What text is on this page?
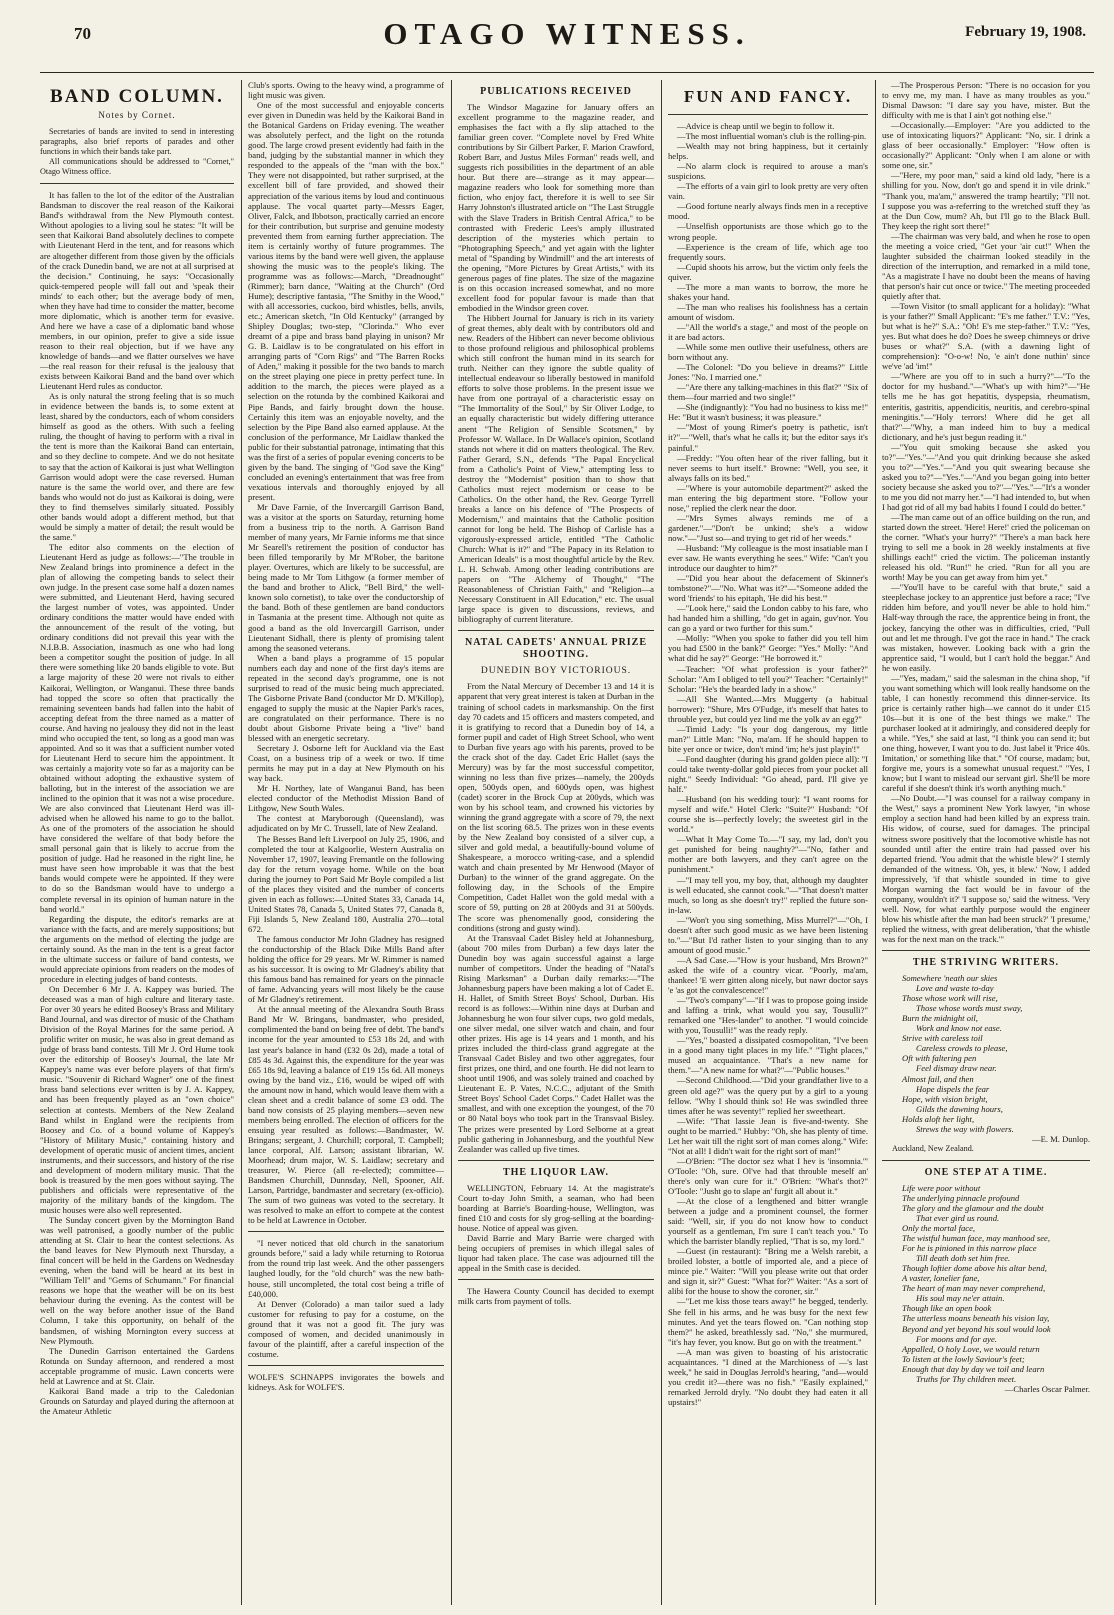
70	OTAGO WITNESS.	February 19, 1908.
BAND COLUMN.
Notes by Cornet.

Secretaries of bands are invited to send in interesting paragraphs, also brief reports of parades and other functions in which their bands take part.

All communications should be addressed to "Cornet," Otago Witness office.

It has fallen to the lot of the editor of the Australian Bandsman to discover the real reason of the Kaikorai Band's withdrawal from the New Plymouth contest. Without apologies to a living soul he states: "It will be seen that Kaikorai Band absolutely declines to compete with Lieutenant Herd in the tent, and for reasons which are altogether different from those given by the officials of the crack Dunedin band, we are not at all surprised at the decision." Continuing, he says: "Occasionally quick-tempered people will fall out and 'speak their minds' to each other; but the average body of men, when they have had time to consider the matter, become more diplomatic, which is another term for evasive. And here we have a case of a diplomatic band whose members, in our opinion, prefer to give a side issue reason to their real objection, but if we have any knowledge of bands—and we flatter ourselves we have—the real reason for their refusal is the jealousy that exists between Kaikorai Band and the band over which Lieutenant Herd rules as conductor.

As is only natural the strong feeling that is so much in evidence between the bands is, to some extent at least, shared by the conductors, each of whom considers himself as good as the others. With such a feeling ruling, the thought of having to perform with a rival in the tent is more than the Kaikorai Band can entertain, and so they decline to compete. And we do not hesitate to say that the action of Kaikorai is just what Wellington Garrison would adopt were the case reversed. Human nature is the same the world over, and there are few bands who would not do just as Kaikorai is doing, were they to find themselves similarly situated. Possibly other bands would adopt a different method, but that would be simply a matter of detail; the result would be the same."

The editor also comments on the election of Lieutenant Herd as judge as follows:—"The trouble in New Zealand brings into prominence a defect in the plan of allowing the competing bands to select their own judge. In the present case some half a dozen names were submitted, and Lieutenant Herd, having secured the largest number of votes, was appointed. Under ordinary conditions the matter would have ended with the announcement of the result of the voting, but ordinary conditions did not prevail this year with the N.I.B.B. Association, inasmuch as one who had long been a competitor sought the position of judge. In all there were something like 20 bands eligible to vote. But a large majority of these 20 were not rivals to either Kaikorai, Wellington, or Wanganui. These three bands had topped the score so often that practically the remaining seventeen bands had fallen into the habit of accepting defeat from the three named as a matter of course. And having no jealousy they did not in the least mind who occupied the tent, so long as a good man was appointed. And so it was that a sufficient number voted for Lieutenant Herd to secure him the appointment. It was certainly a majority vote so far as a majority can be obtained without adopting the exhaustive system of balloting, but in the interest of the association we are inclined to the opinion that it was not a wise procedure. We are also convinced that Lieutenant Herd was ill-advised when he allowed his name to go to the ballot. As one of the promoters of the association he should have considered the welfare of that body before the small personal gain that is likely to accrue from the position of judge. Had he reasoned in the right line, he must have seen how improbable it was that the best bands would compete were he appointed. If they were to do so the Bandsman would have to undergo a complete reversal in its opinion of human nature in the band world."

Regarding the dispute, the editor's remarks are at variance with the facts, and are merely suppositions; but the arguments on the method of electing the judge are certainly sound. As the man in the tent is a great factor in the ultimate success or failure of band contests, we would appreciate opinions from readers on the modes of procedure in electing judges of band contests.

On December 6 Mr J. A. Kappey was buried. The deceased was a man of high culture and literary taste. For over 30 years he edited Boosey's Brass and Military Band Journal, and was director of music of the Chatham Division of the Royal Marines for the same period. A prolific writer on music, he was also in great demand as judge of brass band contests. Till Mr J. Ord Hume took over the editorship of Boosey's Journal, the late Mr Kappey's name was ever before players of that firm's music. "Souvenir di Richard Wagner" one of the finest brass band selections ever written is by J. A. Kappey, and has been frequently played as an "own choice" selection at contests. Members of the New Zealand Band whilst in England were the recipients from Boosey and Co. of a bound volume of Kappey's "History of Military Music," containing history and development of operatic music of ancient times, ancient instruments, and their successors, and history of the rise and development of modern military music. That the book is treasured by the men goes without saying. The publishers and officials were representative of the majority of the military bands of the kingdom. The music houses were also well represented.

The Sunday concert given by the Mornington Band was well patronised, a goodly number of the public attending at St. Clair to hear the contest selections. As the band leaves for New Plymouth next Thursday, a final concert will be held in the Gardens on Wednesday evening, when the band will be heard at its best in "William Tell" and "Gems of Schumann." For financial reasons we hope that the weather will be on its best behaviour during the evening. As the contest will be well on the way before another issue of the Band Column, I take this opportunity, on behalf of the bandsmen, of wishing Mornington every success at New Plymouth.

The Dunedin Garrison entertained the Gardens Rotunda on Sunday afternoon, and rendered a most acceptable programme of music. Lawn concerts were held at Lawrence and at St. Clair.

Kaikorai Band made a trip to the Caledonian Grounds on Saturday and played during the afternoon at the Amateur Athletic

Club's sports. Owing to the heavy wind, a programme of light music was given.

One of the most successful and enjoyable concerts ever given in Dunedin was held by the Kaikorai Band in the Botanical Gardens on Friday evening. The weather was absolutely perfect, and the light on the rotunda good. The large crowd present evidently had faith in the band, judging by the substantial manner in which they responded to the appeals of the "man with the box." They were not disappointed, but rather surprised, at the excellent bill of fare provided, and showed their appreciation of the various items by loud and continuous applause. The vocal quartet party—Messrs Eager, Oliver, Falck, and Ibbotson, practically carried an encore for their contribution, but surprise and genuine modesty prevented them from earning further appreciation. The item is certainly worthy of future programmes. The various items by the band were well given, the applause showing the music was to the people's liking. The programme was as follows:—March, "Dreadnought" (Rimmer); barn dance, "Waiting at the Church" (Ord Hume); descriptive fantasia, "The Smithy in the Wood," with all accessories, cuckoo, bird whistles, bells, anvils, etc.; American sketch, "In Old Kentucky" (arranged by Shipley Douglas; two-step, "Clorinda." Who ever dreamt of a pipe and brass band playing in unison? Mr G. B. Laidlaw is to be congratulated on his effort in arranging parts of "Corn Rigs" and "The Barren Rocks of Aden," making it possible for the two bands to march on the street playing one piece in pretty perfect tune. In addition to the march, the pieces were played as a selection on the rotunda by the combined Kaikorai and Pipe Bands, and fairly brought down the house. Certainly this item was an enjoyable novelty, and the selection by the Pipe Band also earned applause. At the conclusion of the performance, Mr Laidlaw thanked the public for their substantial patronage, intimating that this was the first of a series of popular evening concerts to be given by the band. The singing of "God save the King" concluded an evening's entertainment that was free from vexatious intervals and thoroughly enjoyed by all present.

Mr Dave Farnie, of the Invercargill Garrison Band, was a visitor at the sports on Saturday, returning home from a business trip to the north. A Garrison Band member of many years, Mr Farnie informs me that since Mr Searell's retirement the position of conductor has been filled temporarily by Mr M'Rober, the baritone player. Overtures, which are likely to be successful, are being made to Mr Tom Lithgow (a former member of the band and brother to Alick, "Bell Bird," the well-known solo cornetist), to take over the conductorship of the band. Both of these gentlemen are band conductors in Tasmania at the present time. Although not quite as good a band as the old Invercargill Garrison, under Lieutenant Sidhall, there is plenty of promising talent among the seasoned veterans.

When a band plays a programme of 15 popular numbers each day and none of the first day's items are repeated in the second day's programme, one is not surprised to read of the music being much appreciated. The Gisborne Private Band (conductor Mr D. M'Killop), engaged to supply the music at the Napier Park's races, are congratulated on their performance. There is no doubt about Gisborne Private being a "live" band blessed with an energetic secretary.

Secretary J. Osborne left for Auckland via the East Coast, on a business trip of a week or two. If time permits he may put in a day at New Plymouth on his way back.

Mr H. Northey, late of Wanganui Band, has been elected conductor of the Methodist Mission Band of Lithgow, New South Wales.

The contest at Maryborough (Queensland), was adjudicated on by Mr C. Trussell, late of New Zealand.

The Besses Band left Liverpool on July 25, 1906, and completed the tour at Kalgoorlie, Western Australia on November 17, 1907, leaving Fremantle on the following day for the return voyage home. While on the boat during the journey to Port Said Mr Boyle compiled a list of the places they visited and the number of concerts given in each as follows:—United States 33, Canada 14, United States 78, Canada 5, United States 77, Canada 8, Fiji Islands 5, New Zealand 180, Australia 270—total 672.

The famous conductor Mr John Gladney has resigned the conductorship of the Black Dike Mills Band after holding the office for 29 years. Mr W. Rimmer is named as his successor. It is owing to Mr Gladney's ability that this famous band has remained for years on the pinnacle of fame. Advancing years will most likely be the cause of Mr Gladney's retirement.

At the annual meeting of the Alexandra South Brass Band Mr W. Bringans, bandmaster, who presided, complimented the band on being free of debt. The band's income for the year amounted to £53 18s 2d, and with last year's balance in hand (£32 0s 2d), made a total of £85 4s 3d. Against this, the expenditure for the year was £65 18s 9d, leaving a balance of £19 15s 6d. All moneys owing by the band viz., £16, would be wiped off with the amount now in hand, which would leave them with a clean sheet and a credit balance of some £3 odd. The band now consists of 25 playing members—seven new members being enrolled. The election of officers for the ensuing year resulted as follows:—Bandmaster, W. Bringans; sergeant, J. Churchill; corporal, T. Campbell; lance corporal, Alf. Larson; assistant librarian, W. Moorhead; drum major, W. S. Laidlaw; secretary and treasurer, W. Pierce (all re-elected); committee—Bandsmen Churchill, Dunnsday, Nell, Spooner, Alf. Larson, Partridge, bandmaster and secretary (ex-officio). The sum of two guineas was voted to the secretary. It was resolved to make an effort to compete at the contest to be held at Lawrence in October.

"I never noticed that old church in the sanatorium grounds before," said a lady while returning to Rotorua from the round trip last week. And the other passengers laughed loudly, for the "old church" was the new bath-house, still uncompleted, the total cost being a trifle of £40,000.

At Denver (Colorado) a man tailor sued a lady customer for refusing to pay for a costume, on the ground that it was not a good fit. The jury was composed of women, and decided unanimously in favour of the plaintiff, after a careful inspection of the costume.

WOLFE'S SCHNAPPS invigorates the bowels and kidneys. Ask for WOLFE'S.

PUBLICATIONS RECEIVED

The Windsor Magazine for January offers an excellent programme to the magazine reader, and emphasises the fact with a fly slip attached to the familiar green cover. "Complete novel by Fred White contributions by Sir Gilbert Parker, F. Marion Crawford, Robert Barr, and Justus Miles Forman" reads well, and suggests rich possibilities in the department of an able hour. But there are—strange as it may appear—magazine readers who look for something more than fiction, who enjoy fact, therefore it is well to see Sir Harry Johnston's illustrated article on "The Last Struggle with the Slave Traders in British Central Africa," to be contrasted with Frederic Lees's amply illustrated description of the mysteries which pertain to "Photographing Speech," and yet again with the lighter metal of "Spanding by Windmill" and the art interests of the opening, "More Pictures by Great Artists," with its generous pages of fine plates. The size of the magazine is on this occasion increased somewhat, and no more excellent food for popular favour is made than that embodied in the Windsor green cover.

The Hibbert Journal for January is rich in its variety of great themes, ably dealt with by contributors old and new. Readers of the Hibbert can never become oblivious to those profound religious and philosophical problems which still confront the human mind in its search for truth. Neither can they ignore the subtle quality of intellectual endeavour so liberally bestowed in manifold efforts to solve those problems. In the present issue we have from one portrayal of a characteristic essay on "The Immortality of the Soul," by Sir Oliver Lodge, to an equally characteristic but widely differing utterance anent "The Religion of Sensible Scotsmen," by Professor W. Wallace. In Dr Wallace's opinion, Scotland stands not where it did on matters theological. The Rev. Father Gerard, S.N., defends "The Papal Encyclical from a Catholic's Point of View," attempting less to destroy the "Modernist" position than to show that Catholics must reject modernism or cease to be Catholics. On the other hand, the Rev. George Tyrrell breaks a lance on his defence of "The Prospects of Modernism," and maintains that the Catholic position cannot for long be held. The Bishop of Carlisle has a vigorously-expressed article, entitled "The Catholic Church: What is it?" and "The Papacy in its Relation to American Ideals" is a most thoughtful article by the Rev. L. H. Schwab. Among other leading contributions are papers on "The Alchemy of Thought," "The Reasonableness of Christian Faith," and "Religion—a Necessary Constituent in All Education," etc. The usual large space is given to discussions, reviews, and bibliography of current literature.

NATAL CADETS' ANNUAL PRIZE SHOOTING.
DUNEDIN BOY VICTORIOUS.

From the Natal Mercury of December 13 and 14 it is apparent that very great interest is taken at Durban in the training of school cadets in marksmanship. On the first day 70 cadets and 15 officers and masters competed, and it is gratifying to record that a Dunedin boy of 14, a former pupil and cadet of High Street School, who went to Durban five years ago with his parents, proved to be the crack shot of the day. Cadet Eric Hallet (says the Mercury) was by far the most successful competitor, winning no less than five prizes—namely, the 200yds open, 500yds open, and 600yds open, was highest (cadet) scorer in the Brock Cup at 200yds, which was won by his school team, and crowned his victories by winning the grand aggregate with a score of 79, the next on the list scoring 68.5. The prizes won in these events by the New Zealand boy consisted of a silver cup, a silver and gold medal, a beautifully-bound volume of Shakespeare, a morocco writing-case, and a splendid watch and chain presented by Mr Henwood (Mayor of Durban) to the winner of the grand aggregate. On the following day, in the Schools of the Empire Competition, Cadet Hallet won the gold medal with a score of 59, putting on 28 at 200yds and 31 at 500yds. The score was phenomenally good, considering the conditions (strong and gusty wind).

At the Transvaal Cadet Bisley held at Johannesburg, (about 700 miles from Durban) a few days later the Dunedin boy was again successful against a large number of competitors. Under the heading of "Natal's Rising Marksman" a Durban daily remarks:—"The Johannesburg papers have been making a lot of Cadet E. H. Hallet, of Smith Street Boys' School, Durban. His record is as follows:—Within nine days at Durban and Johannesburg he won four silver cups, two gold medals, one silver medal, one silver watch and chain, and four other prizes. His age is 14 years and 1 month, and his prizes included the third-class grand aggregate at the Transvaal Cadet Bisley and two other aggregates, four first prizes, one third, and one fourth. He did not learn to shoot until 1906, and was solely trained and coached by Lieutenant E. P. Vates, N.C.C., adjutant of the Smith Street Boys' School Cadet Corps." Cadet Hallet was the smallest, and with one exception the youngest, of the 70 or 80 Natal boys who took part in the Transvaal Bisley. The prizes were presented by Lord Selborne at a great public gathering in Johannesburg, and the youthful New Zealander was called up five times.

THE LIQUOR LAW.

WELLINGTON, February 14. At the magistrate's Court to-day John Smith, a seaman, who had been boarding at Barrie's Boarding-house, Wellington, was fined £10 and costs for sly grog-selling at the boarding-house. Notice of appeal was given.

David Barrie and Mary Barrie were charged with being occupiers of premises in which illegal sales of liquor had taken place. The case was adjourned till the appeal in the Smith case is decided.

The Hawera County Council has decided to exempt milk carts from payment of tolls.

FUN AND FANCY.

—Advice is cheap until we begin to follow it.

—The most influential woman's club is the rolling-pin.

—Wealth may not bring happiness, but it certainly helps.

—No alarm clock is required to arouse a man's suspicions.

—The efforts of a vain girl to look pretty are very often vain.

—Good fortune nearly always finds men in a receptive mood.

—Unselfish opportunists are those which go to the wrong people.

—Experience is the cream of life, which age too frequently sours.

—Cupid shoots his arrow, but the victim only feels the quiver.

—The more a man wants to borrow, the more he shakes your hand.

—The man who realises his foolishness has a certain amount of wisdom.

—"All the world's a stage," and most of the people on it are bad actors.

—While some men outlive their usefulness, others are born without any.

—The Colonel: "Do you believe in dreams?" Little Jones: "No. I married one."

—"Are there any talking-machines in this flat?" "Six of them—four married and two single!"

—She (indignantly): "You had no business to kiss me!" He: "But it wasn't business; it was pleasure."

—"Most of young Rimer's poetry is pathetic, isn't it?"—"Well, that's what he calls it; but the editor says it's painful."

—Freddy: "You often hear of the river falling, but it never seems to hurt itself." Browne: "Well, you see, it always falls on its bed."

—"Where is your automobile department?" asked the man entering the big department store. "Follow your nose," replied the clerk near the door.

—"Mrs Symes always reminds me of a gardener."—"Don't be unkind; she's a widow now."—"Just so—and trying to get rid of her weeds."

—Husband: "My colleague is the most insatiable man I ever saw. He wants everything he sees." Wife: "Can't you introduce our daughter to him?"

—"Did you hear about the defacement of Skinner's tombstone?"—"No. What was it?"—"Someone added the word 'friends' to his epitaph, 'He did his best.'"

—"Look here," said the London cabby to his fare, who had handed him a shilling, "do get in again, guv'nor. You can go a yard or two further for this sum."

—Molly: "When you spoke to father did you tell him you had £500 in the bank?" George: "Yes." Molly: "And what did he say?" George: "He borrowed it."

—Teacher: "Of what profession is your father?" Scholar: "Am I obliged to tell you?" Teacher: "Certainly!" Scholar: "He's the bearded lady in a show."

—All She Wanted.—Mrs Muggerty (a habitual borrower): "Shure, Mrs O'Fudge, it's meself that hates to throuble yez, but could yez lind me the yolk av an egg?"

—Timid Lady: "Is your dog dangerous, my little man?" Little Man: "No, ma'am. If he should happen to bite yer once or twice, don't mind 'im; he's just playin'!"

—Fond daughter (during his grand golden piece all): "I could take twenty-dollar gold pieces from your pocket all night." Seedy Individual: "Go ahead, pard. I'll give ye half."

—Husband (on his wedding tour): "I want rooms for myself and wife." Hotel Clerk: "Suite?" Husband: "Of course she is—perfectly lovely; the sweetest girl in the world."

—What It May Come To.—"I say, my lad, don't you get punished for being naughty?"—"No, father and mother are both lawyers, and they can't agree on the punishment."

—"I may tell you, my boy, that, although my daughter is well educated, she cannot cook."—"That doesn't matter much, so long as she doesn't try!" replied the future son-in-law.

—"Won't you sing something, Miss Murrel?"—"Oh, I doesn't after such good music as we have been listening to."—"But I'd rather listen to your singing than to any amount of good music."

—A Sad Case.—"How is your husband, Mrs Brown?" asked the wife of a country vicar. "Poorly, ma'am, thankee! 'E werr gitten along nicely, but nawr doctor says 'e 'as got the convalescence!"

—"Two's company"—"If I was to propose going inside and laffing a trink, what would you say, Tousulli?" remarked one "Hes-lander" to another. "I would coincide with you, Tousulli!" was the ready reply.

—"Yes," boasted a dissipated cosmopolitan, "I've been in a good many tight places in my life." "Tight places," mused an acquaintance. "That's a new name for them."—"A new name for what?"—"Public houses."

—Second Childhood.—"Did your grandfather live to a green old age?" was the query put by a girl to a young fellow. "Why I should think so! He was swindled three times after he was seventy!" replied her sweetheart.

—Wife: "That lassie Jean is five-and-twenty. She ought to be married." Hubby: "Oh, she has plenty of time. Let her wait till the right sort of man comes along." Wife: "Not at all! I didn't wait for the right sort of man!"

—O'Brien: "The doctor sez what I hev is 'insomnia.'" O'Toole: "Oh, sure. Ol've had that throuble meself an' there's only wan cure for it." O'Brien: "What's thot?" O'Toole: "Jusht go to slape an' furgit all about it."

—At the close of a lengthened and bitter wrangle between a judge and a prominent counsel, the former said: "Well, sir, if you do not know how to conduct yourself as a gentleman, I'm sure I can't teach you." To which the barrister blandly replied, "That is so, my lord."

—Guest (in restaurant): "Bring me a Welsh rarebit, a broiled lobster, a bottle of imported ale, and a piece of mince pie." Waiter: "Will you please write out that order and sign it, sir?" Guest: "What for?" Waiter: "As a sort of alibi for the house to show the coroner, sir."

—"Let me kiss those tears away!" he begged, tenderly. She fell in his arms, and he was busy for the next few minutes. And yet the tears flowed on. "Can nothing stop them?" he asked, breathlessly sad. "No," she murmured, "it's hay fever, you know. But go on with the treatment."

—A man was given to boasting of his aristocratic acquaintances. "I dined at the Marchioness of —'s last week," he said in Douglas Jerrold's hearing, "and—would you credit it?—there was no fish." "Easily explained," remarked Jerrold dryly. "No doubt they had eaten it all upstairs!"

—The Prosperous Person: "There is no occasion for you to envy me, my man. I have as many troubles as you." Dismal Dawson: "I dare say you have, mister. But the difficulty with me is that I ain't got nothing else."

—Occasionally.—Employer: "Are you addicted to the use of intoxicating liquors?" Applicant: "No, sir. I drink a glass of beer occasionally." Employer: "How often is occasionally?" Applicant: "Only when I am alone or with some one, sir."

—"Here, my poor man," said a kind old lady, "here is a shilling for you. Now, don't go and spend it in vile drink." "Thank you, ma'am," answered the tramp heartily; "I'll not. I suppose you was a-referring to the wretched stuff they 'as at the Dun Cow, mum? Ah, but I'll go to the Black Bull. They keep the right sort there!"

—The chairman was very bald, and when he rose to open the meeting a voice cried, "Get your 'air cut!" When the laughter subsided the chairman looked steadily in the direction of the interruption, and remarked in a mild tone, "As a magistrate I have no doubt been the means of having that person's hair cut once or twice." The meeting proceeded quietly after that.

—Town Visitor (to small applicant for a holiday): "What is your father?" Small Applicant: "E's me father." T.V.: "Yes, but what is he?" S.A.: "Oh! E's me step-father." T.V.: "Yes, yes. But what does he do? Does he sweep chimneys or drive buses or what?" S.A. (with a dawning light of comprehension): "O-o-w! No, 'e ain't done nuthin' since we've 'ad 'im!"

—"Where are you off to in such a hurry?"—"To the doctor for my husband."—"What's up with him?"—"He tells me he has got hepatitis, dyspepsia, rheumatism, enteritis, gastritis, appendicitis, neuritis, and cerebro-spinal meningitis."—"Holy terrors! Where did he get all that?"—"Why, a man indeed him to buy a medical dictionary, and he's just begun reading it."

—"You quit smoking because she asked you to?"—"Yes."—"And you quit drinking because she asked you to?"—"Yes."—"And you quit swearing because she asked you to?"—"Yes."—"And you began going into better society because she asked you to?"—"Yes."—"It's a wonder to me you did not marry her."—"I had intended to, but when I had got rid of all my bad habits I found I could do better."

—The man came out of an office building on the run, and started down the street. 'Here! Here!' cried the policeman on the corner. "What's your hurry?" "There's a man back here trying to sell me a book in 28 weekly instalments at five shillings each!" cried the victim. The policeman instantly released his old. "Run!" he cried. "Run for all you are worth! May be you can get away from him yet."

—"You'll have to be careful with that brute," said a steeplechase jockey to an apprentice just before a race; "I've ridden him before, and you'll never be able to hold him." Half-way through the race, the apprentice being in front, the jockey, fancying the other was in difficulties, cried, "Pull out and let me through. I've got the race in hand." The crack was mistaken, however. Looking back with a grin the apprentice said, "I would, but I can't hold the beggar." And he won easily.

—"Yes, madam," said the salesman in the china shop, "if you want something which will look really handsome on the table, I can honestly recommend this dinner-service. Its price is certainly rather high—we cannot do it under £15 10s—but it is one of the best things we make." The purchaser looked at it admiringly, and considered deeply for a while. "Yes," she said at last, "I think you can send it; but one thing, however, I want you to do. Just label it 'Price 40s. Imitation,' or something like that." "Of course, madam; but, forgive me, yours is a somewhat unusual request." "Yes, I know; but I want to mislead our servant girl. She'll be more careful if she doesn't think it's worth anything much."

—No Doubt.—"I was counsel for a railway company in the West," says a prominent New York lawyer, "in whose employ a section hand had been killed by an express train. His widow, of course, sued for damages. The principal witness swore positively that the locomotive whistle has not sounded until after the entire train had passed over his departed friend. 'You admit that the whistle blew?' I sternly demanded of the witness. 'Oh, yes, it blew.' 'Now, I added impressively, 'if that whistle sounded in time to give Morgan warning the fact would be in favour of the company, wouldn't it?' 'I suppose so,' said the witness. 'Very well. Now, for what earthly purpose would the engineer blow his whistle after the man had been struck?' 'I presume,' replied the witness, with great deliberation, 'that the whistle was for the next man on the track.'"

THE STRIVING WRITERS.
Somewhere 'neath our skies
Love and waste to-day
Those whose work will rise,
Those whose words must sway,
Burn the midnight oil,
Work and know not ease.
Strive with careless toil
Careless crowds to please,
Oft with faltering pen
Feel dismay draw near.
Almost fail, and then
Hope dispels the fear
Hope, with vision bright,
Gilds the dawning hours,
Holds aloft her light,
Strews the way with flowers.
—E. M. Dunlop.
Auckland, New Zealand.
ONE STEP AT A TIME.
Life were poor without
The underlying pinnacle profound
The glory and the glamour and the doubt
That ever gird us round.
Only the mortal face,
The wistful human face, may manhood see,
For he is pinioned in this narrow place
Till death doth set him free.
Though loftier dome above his altar bend,
A vaster, lonelier fane,
The heart of man may never comprehend,
His soul may ne'er attain.
Though like an open book
The utterless moans beneath his vision lay,
Beyond and yet beyond his soul would look
For moons and for aye.
Appalled, O holy Love, we would return
To listen at the lowly Saviour's feet;
Enough that day by day we toil and learn
Truths for Thy children meet.
—Charles Oscar Palmer.
